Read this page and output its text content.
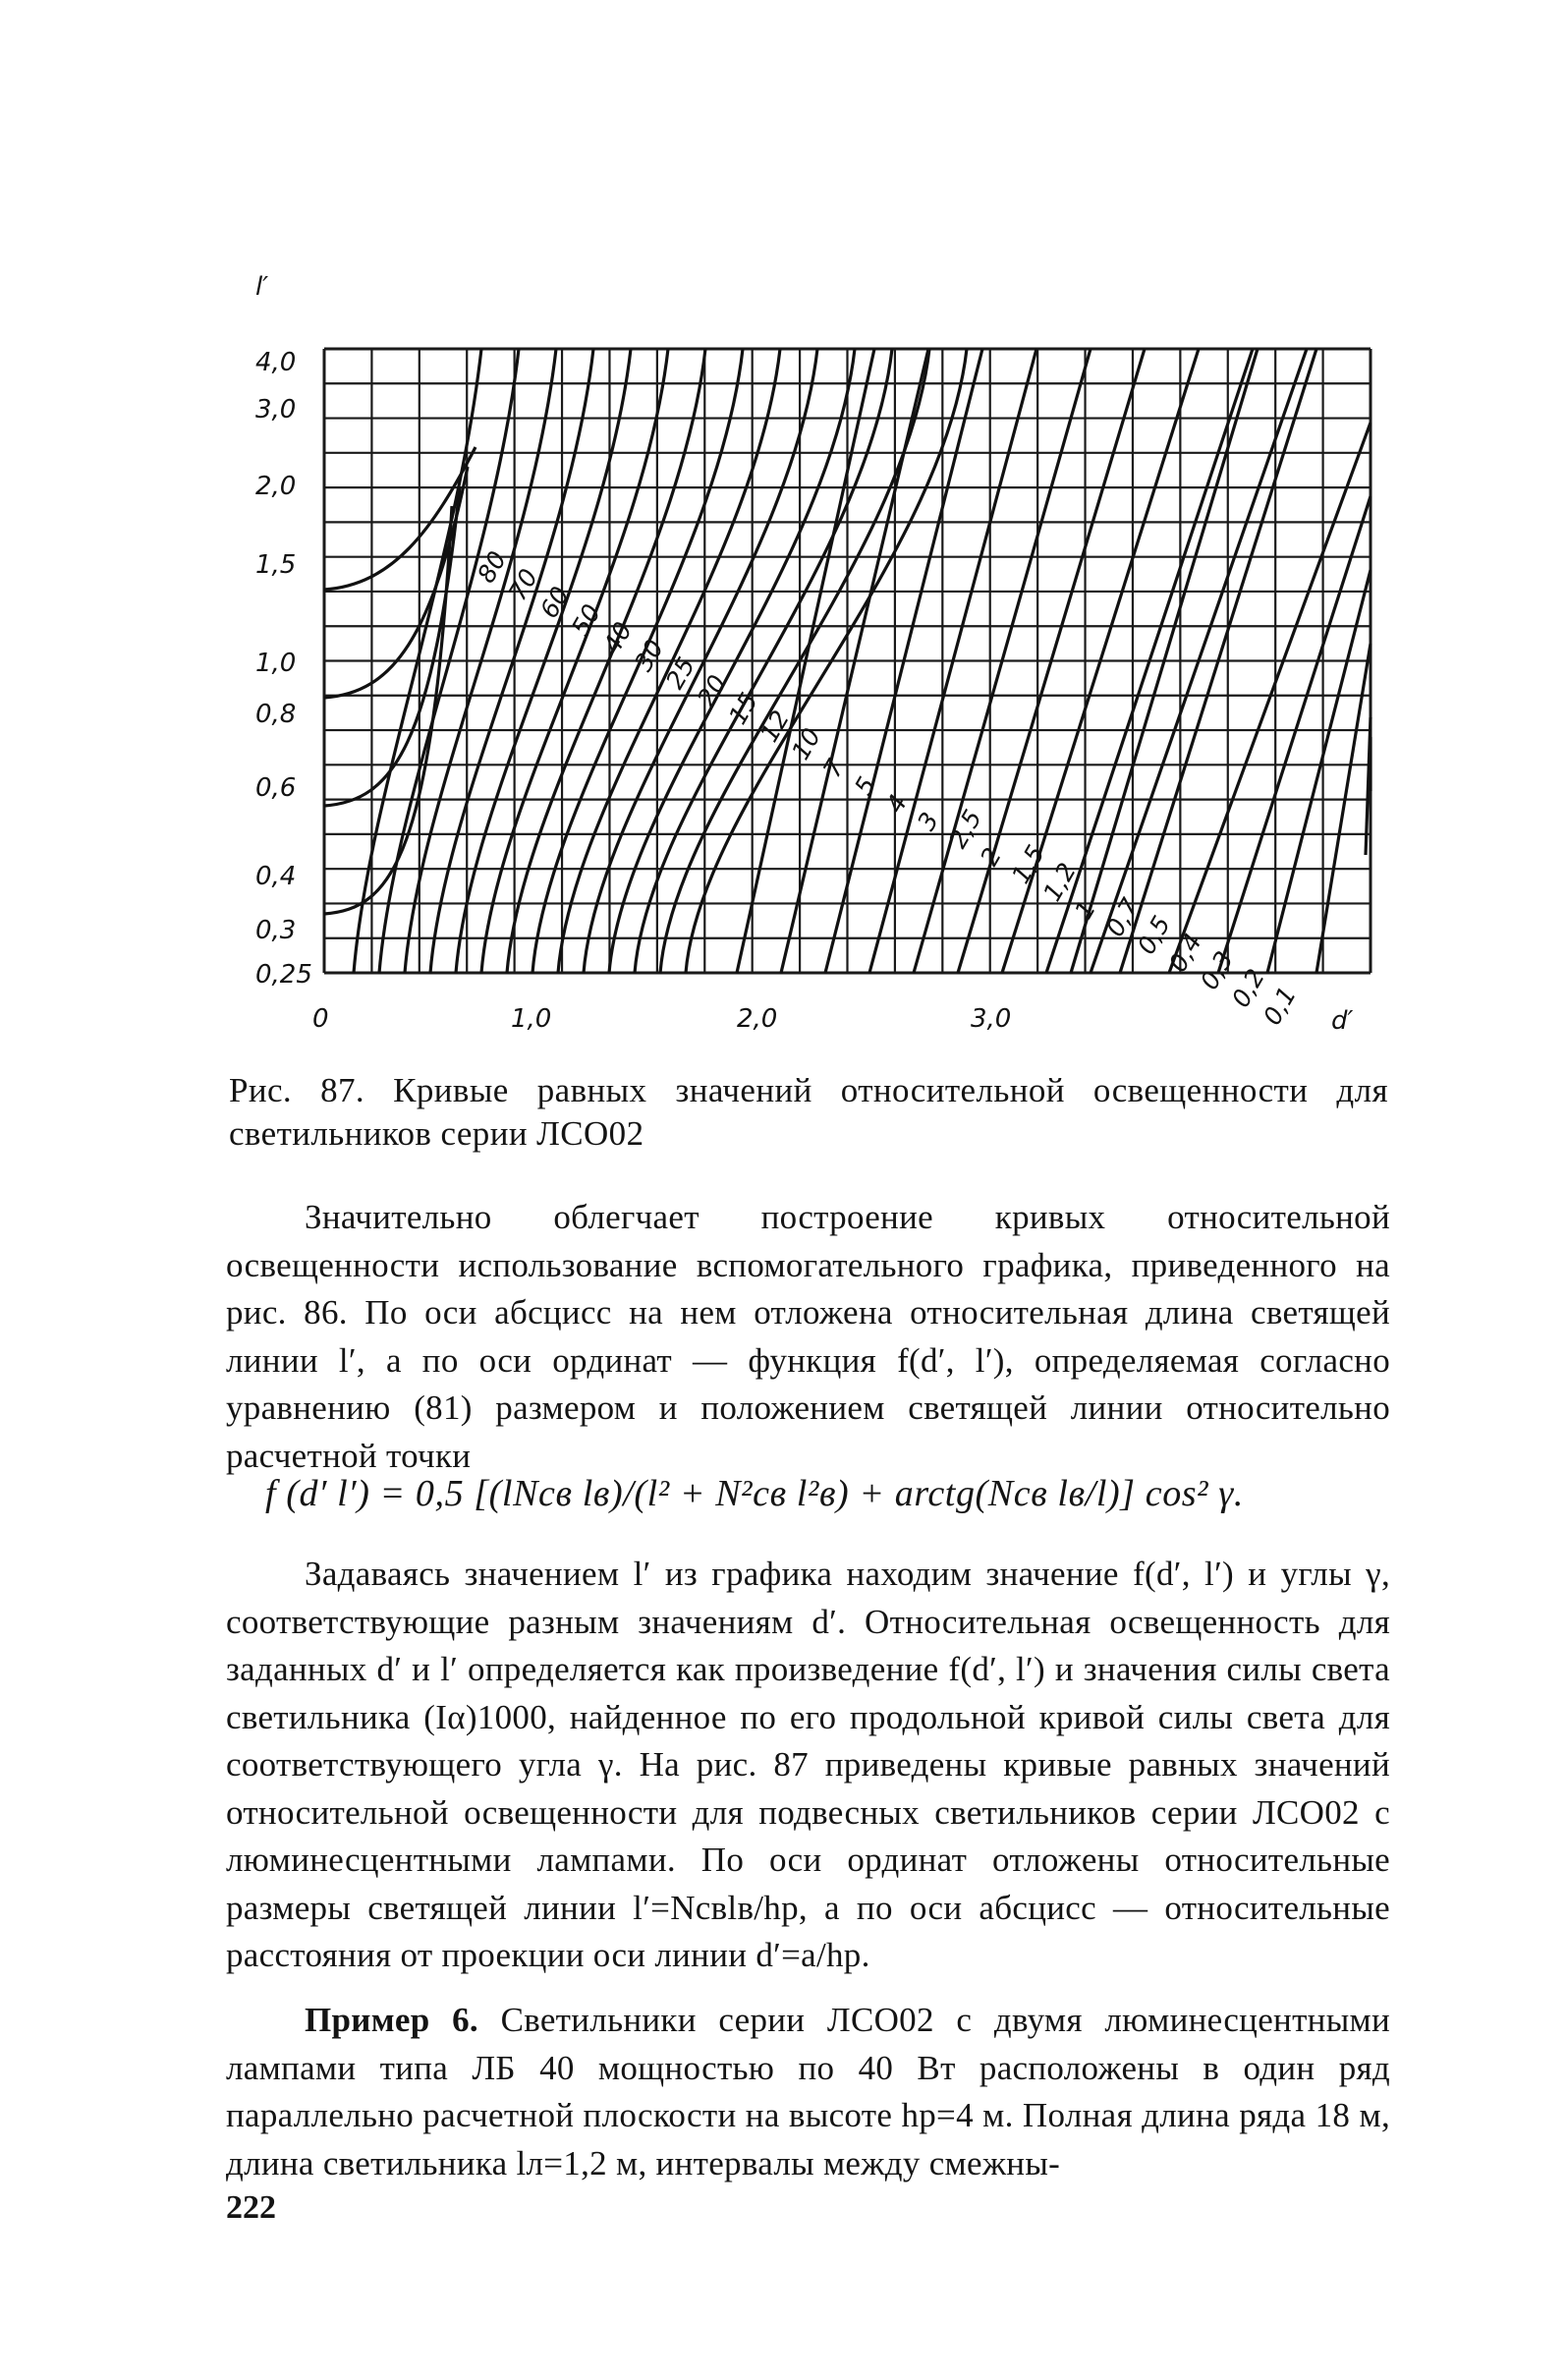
4,0
3,0
2,0
1,5
1,0
0,8
0,6
0,4
0,3
0,25
0	1,0	2,0	3,0
l′
d′
80
70
60
50
40
30
25
20
15
12
10
7
5
4
3
2,5
2
1,5
1,2
1
0,7
0,5
0,4
0,3
0,2
0,1
Рис. 87. Кривые равных значений относительной освещенности для светильников серии ЛСО02

Значительно облегчает построение кривых относительной освещенности использование вспомогательного графика, приведенного на рис. 86. По оси абсцисс на нем отложена относительная длина светящей линии l′, а по оси ординат — функция f(d′, l′), определяемая согласно уравнению (81) размером и положением светящей линии относительно расчетной точки

f (d′ l′) = 0,5 [(lNсв lв)/(l² + N²св l²в) + arctg(Nсв lв/l)] cos² γ.

Задаваясь значением l′ из графика находим значение f(d′, l′) и углы γ, соответствующие разным значениям d′. Относительная освещенность для заданных d′ и l′ определяется как произведение f(d′, l′) и значения силы света светильника (Iα)1000, найденное по его продольной кривой силы света для соответствующего угла γ. На рис. 87 приведены кривые равных значений относительной освещенности для подвесных светильников серии ЛСО02 с люминесцентными лампами. По оси ординат отложены относительные размеры светящей линии l′=Nсвlв/hр, а по оси абсцисс — относительные расстояния от проекции оси линии d′=a/hр.

Пример 6. Светильники серии ЛСО02 с двумя люминесцентными лампами типа ЛБ 40 мощностью по 40 Вт расположены в один ряд параллельно расчетной плоскости на высоте hр=4 м. Полная длина ряда 18 м, длина светильника lл=1,2 м, интервалы между смежны-

222
